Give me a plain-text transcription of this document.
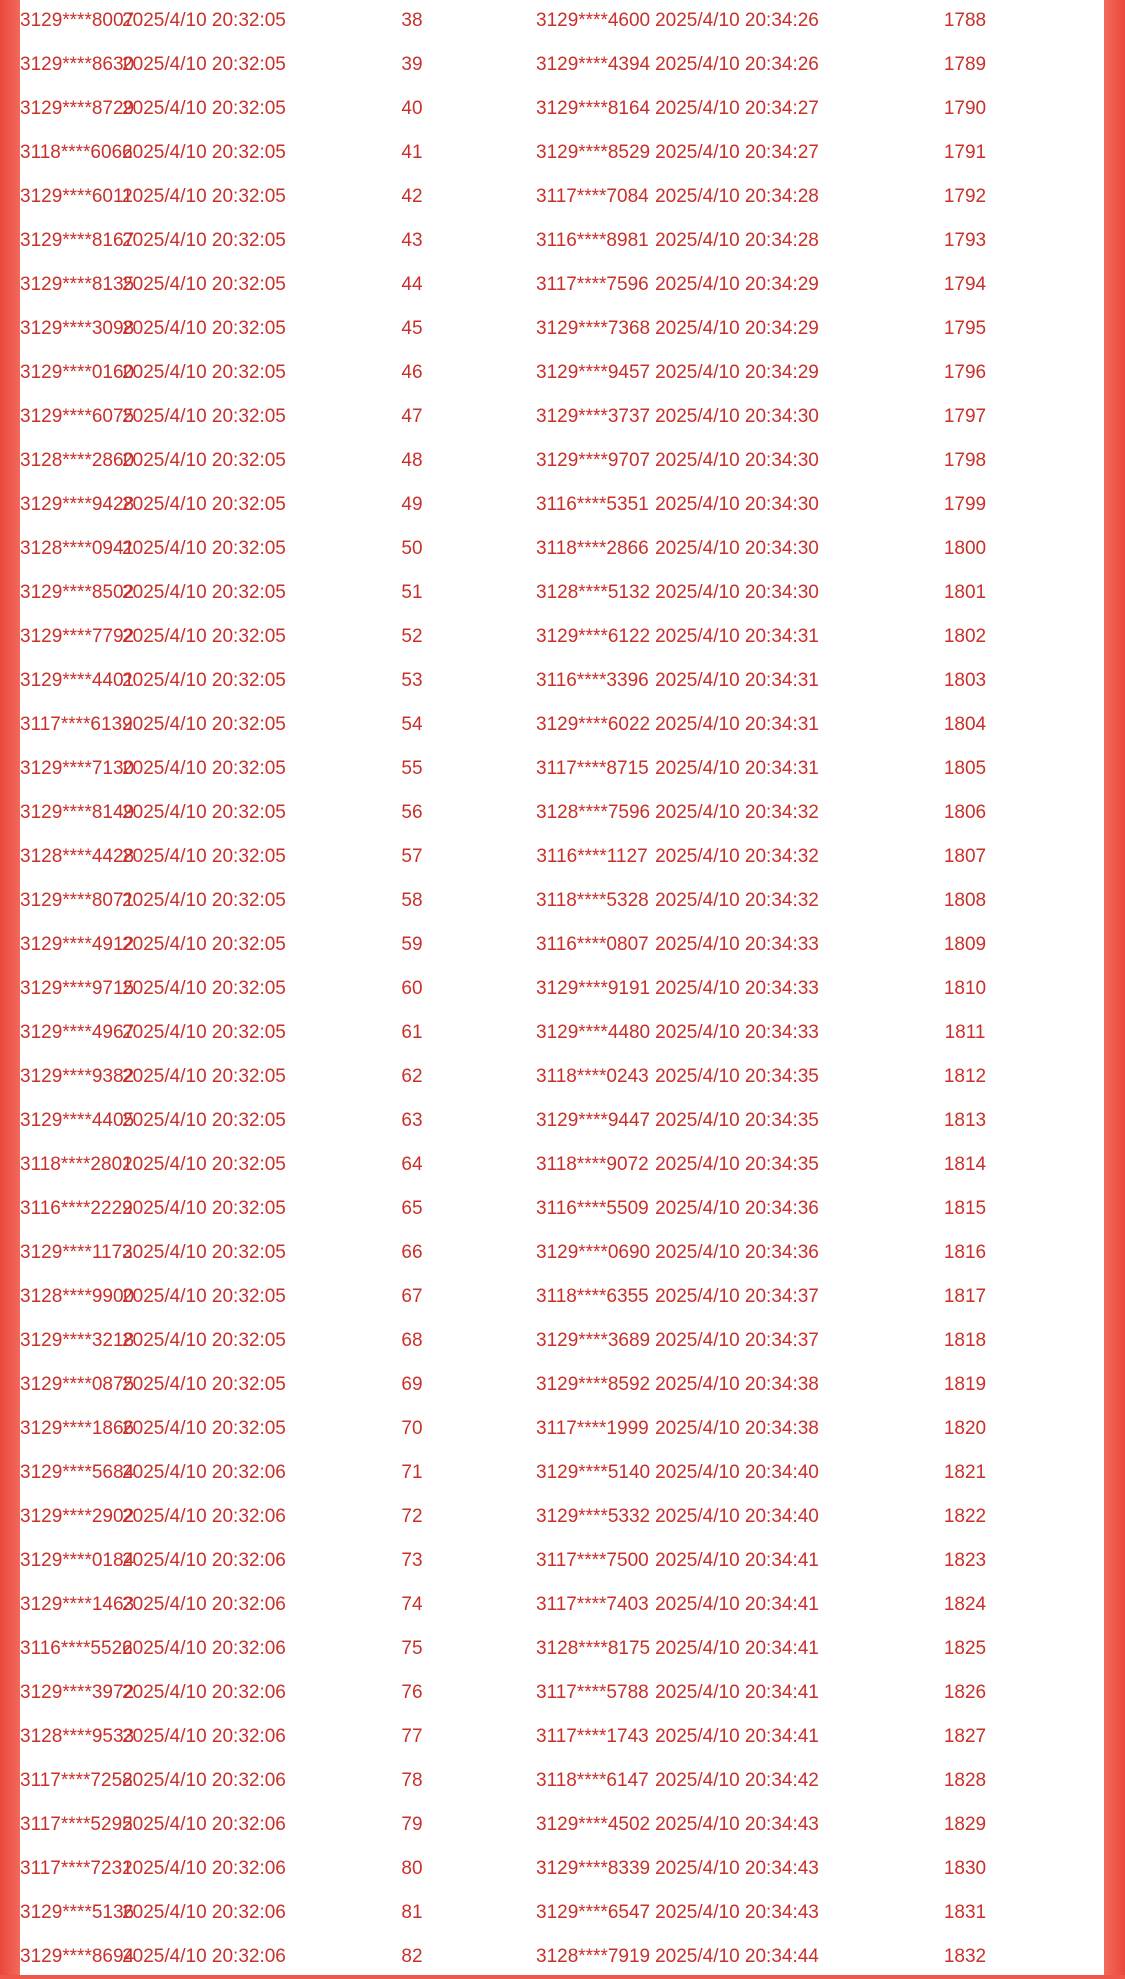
3129****8007	2025/4/10 20:32:05	38	3129****4600	2025/4/10 20:34:26	1788
3129****8630	2025/4/10 20:32:05	39	3129****4394	2025/4/10 20:34:26	1789
3129****8729	2025/4/10 20:32:05	40	3129****8164	2025/4/10 20:34:27	1790
3118****6066	2025/4/10 20:32:05	41	3129****8529	2025/4/10 20:34:27	1791
3129****6011	2025/4/10 20:32:05	42	3117****7084	2025/4/10 20:34:28	1792
3129****8167	2025/4/10 20:32:05	43	3116****8981	2025/4/10 20:34:28	1793
3129****8135	2025/4/10 20:32:05	44	3117****7596	2025/4/10 20:34:29	1794
3129****3098	2025/4/10 20:32:05	45	3129****7368	2025/4/10 20:34:29	1795
3129****0160	2025/4/10 20:32:05	46	3129****9457	2025/4/10 20:34:29	1796
3129****6075	2025/4/10 20:32:05	47	3129****3737	2025/4/10 20:34:30	1797
3128****2860	2025/4/10 20:32:05	48	3129****9707	2025/4/10 20:34:30	1798
3129****9428	2025/4/10 20:32:05	49	3116****5351	2025/4/10 20:34:30	1799
3128****0941	2025/4/10 20:32:05	50	3118****2866	2025/4/10 20:34:30	1800
3129****8502	2025/4/10 20:32:05	51	3128****5132	2025/4/10 20:34:30	1801
3129****7792	2025/4/10 20:32:05	52	3129****6122	2025/4/10 20:34:31	1802
3129****4401	2025/4/10 20:32:05	53	3116****3396	2025/4/10 20:34:31	1803
3117****6139	2025/4/10 20:32:05	54	3129****6022	2025/4/10 20:34:31	1804
3129****7130	2025/4/10 20:32:05	55	3117****8715	2025/4/10 20:34:31	1805
3129****8149	2025/4/10 20:32:05	56	3128****7596	2025/4/10 20:34:32	1806
3128****4428	2025/4/10 20:32:05	57	3116****1127	2025/4/10 20:34:32	1807
3129****8071	2025/4/10 20:32:05	58	3118****5328	2025/4/10 20:34:32	1808
3129****4912	2025/4/10 20:32:05	59	3116****0807	2025/4/10 20:34:33	1809
3129****9715	2025/4/10 20:32:05	60	3129****9191	2025/4/10 20:34:33	1810
3129****4967	2025/4/10 20:32:05	61	3129****4480	2025/4/10 20:34:33	1811
3129****9382	2025/4/10 20:32:05	62	3118****0243	2025/4/10 20:34:35	1812
3129****4405	2025/4/10 20:32:05	63	3129****9447	2025/4/10 20:34:35	1813
3118****2801	2025/4/10 20:32:05	64	3118****9072	2025/4/10 20:34:35	1814
3116****2229	2025/4/10 20:32:05	65	3116****5509	2025/4/10 20:34:36	1815
3129****1173	2025/4/10 20:32:05	66	3129****0690	2025/4/10 20:34:36	1816
3128****9900	2025/4/10 20:32:05	67	3118****6355	2025/4/10 20:34:37	1817
3129****3218	2025/4/10 20:32:05	68	3129****3689	2025/4/10 20:34:37	1818
3129****0875	2025/4/10 20:32:05	69	3129****8592	2025/4/10 20:34:38	1819
3129****1866	2025/4/10 20:32:05	70	3117****1999	2025/4/10 20:34:38	1820
3129****5684	2025/4/10 20:32:06	71	3129****5140	2025/4/10 20:34:40	1821
3129****2902	2025/4/10 20:32:06	72	3129****5332	2025/4/10 20:34:40	1822
3129****0184	2025/4/10 20:32:06	73	3117****7500	2025/4/10 20:34:41	1823
3129****1463	2025/4/10 20:32:06	74	3117****7403	2025/4/10 20:34:41	1824
3116****5526	2025/4/10 20:32:06	75	3128****8175	2025/4/10 20:34:41	1825
3129****3972	2025/4/10 20:32:06	76	3117****5788	2025/4/10 20:34:41	1826
3128****9533	2025/4/10 20:32:06	77	3117****1743	2025/4/10 20:34:41	1827
3117****7258	2025/4/10 20:32:06	78	3118****6147	2025/4/10 20:34:42	1828
3117****5295	2025/4/10 20:32:06	79	3129****4502	2025/4/10 20:34:43	1829
3117****7231	2025/4/10 20:32:06	80	3129****8339	2025/4/10 20:34:43	1830
3129****5136	2025/4/10 20:32:06	81	3129****6547	2025/4/10 20:34:43	1831
3129****8694	2025/4/10 20:32:06	82	3128****7919	2025/4/10 20:34:44	1832
